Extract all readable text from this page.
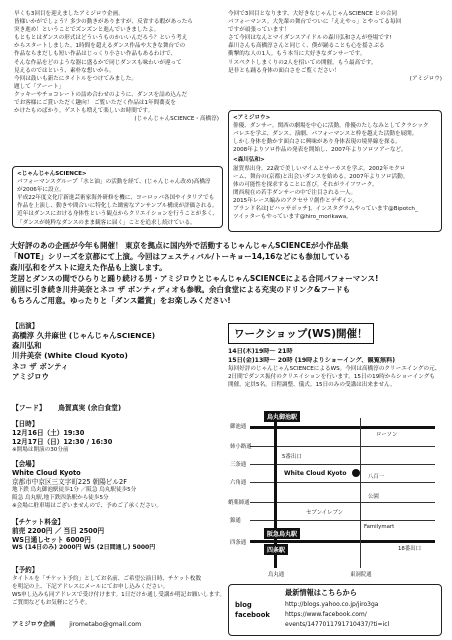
早くも3回目を迎えましたアミジロウ企画。

皆様いかがでしょう？多少の動きがありますが、反省する暇があったら

突き進め！ということでズンズンと進んでいきましたよ。

もともとはダンスの形式はどういうものかいいんだろう？という考え

からスタートしました。1時間を超えるダンス作品や大きな舞台での

作品ならまだしも短い作品はじっくり小さい作品もあるわけで、

そんな作品をどのような器に盛るかで同じダンスも味わいが違って

見えるのではという、素朴な想いから。

今回は鼓いも新たにタイトルをつけてみました。

題して「アーート」

クッキーやチョコレートの詰め合わせのように、ダンスを詰め込んだ

でお客様にご賞いただく趣向！ ご覧いただく作品は1年間蕎麦を

かけたものばかり。ゲストも増えて楽しいお時間です。

(じゃんじゃんSCIENCE・高橋淳)

今回で3回目となります、大好きなじゃんじゃんSCIENCE との合同

パフォーマンス。大先輩の舞台でついに「ええやっ」とやってる毎回

ですが頑張っています！

さて今回はなんとマイダンスアイドルの森川弘和さんが登場です!

森川さんも高橋淳さんと同じく、僕が踊ることも心を揺さぶる

衝撃的な人の1人。もう本当に大好きなダンサーです。

リスペクトしまくりの2人を招いての開催。もう最高です。

是非とも踊る身体の面白さをご覧ください！

(アミジロウ)

<じゃんじゃんSCIENCE>

パフォーマンスグループ「水と油」の活動を経て、(じゃんじゃん改め)高橋淳

が2006年に設立。

平成22年度文化庁新進芸術家海外研修を機に、ヨーロッパ各国やイタリアでも

作品を上演し、動きや間合いに特化した緻密なアンサンブル構成が評価される。

近年はダンスにおける身体性という観点からクリエイションを行うことが多く、

「ダンスが純粋なダンスのまま観客に届く」ことを追求し続けている。

<アミジロウ>

俳優、ダンサー。関西の劇場を中心に活動。俳優のたしなみとしてクラシック

バレエを学ぶ、ダンス、演劇、パフォーマンスと枠を越えた活動を展開。

しかし身体を動かす面白さに興味があり身体表現の境界線を探る。

2008年よりソロ作品の発表を開始し、2007年よりソロツアーなど。

<森川弘和>

滋賀県出身。22歳で美しいマイムとサーカスを学ぶ。2002年モクロ

ーム、舞台の(京都)と出会いダンスを始める。2007年よりソロ活動。

体の可能性を探求することに喜び。それがライフワーク。

関西現在の若手ダンサーの中で注目される一人。

2015年レース編みのアクセサリ創作とデザイン。

ブランド名は[ビハッサポッチ]、インスタグラムやっています@Bipotch_

ツイッターもやっています@hiro_morikawa。

大好評のあの企画が今年も開催！ 東京を拠点に国内外で活動するじゃんじゃんSCIENCEが小作品集

「NOTE」シリーズを京都にて上演。今回はフェスティバル/トーキョー14,16などにも参加している

森川弘和をゲストに迎えた作品も上演します。

芝居とダンスの間でひらりと踊り続ける男・アミジロウとじゃんじゃんSCIENCEによる合同パフォーマンス!

前回に引き続き川井美奈とネコ ザ ボンティディオも参戦。余白食堂による充実のドリンク&フードも

もちろんご用意。ゆったりと「ダンス鑑賞」をお楽しみください!

【出演】

高橋淳 久井麻世 (じゃんじゃんSCIENCE)

森川弘和

川井美奈 (White Cloud Kyoto)

ネコ ザ ボンティ

アミジロウ

【フード】 鳥賀真実 (余白食堂)

【日時】

12月16日（土）19:30

12月17日（日）12:30 / 16:30

※開場は開演の30分前

【会場】

White Cloud Kyoto

京都市中京区三文字町225 朝陽ビル2F

地下鉄 烏丸御池駅徒歩1分 ／阪急 烏丸駅徒歩5分

阪急 烏丸駅,地下鉄四条駅から徒歩5分

※会場に駐車場はございませんので、予めご了承ください。

【チケット料金】

前売 2200円 ／ 当日 2500円

WS日通しセット 6000円

WS (14日のみ) 2000円 WS (2日間通し) 5000円

【予約】

タイトルを「チケット予約」としてお名前、ご希望公演日時、チケット枚数

を明記の上、下記アドレスにメールにてお申し込みください。

WS申し込みも同アドレスで受け付けます。1日だけか通し受講か明記お願いします。

ご質問などもお気軽にどうぞ。

アミジロウ企画 jirometabo@gmail.com
ワークショップ(WS)開催！

14日(木)19時〜 21時

15日(金)13時〜 20時 (19時よりショーイング、観覧無料)

毎回好評のじゃんじゃんSCIENCEによるWS。今回は高橋淳のクリーエイングの元、

2日間でダンス振付のクリエイションを行います。15日の19時からショーイングも

開催。定員5名。日程調整、儀式。15日のみの受講は出来ません。

御池通
姉小路通
三条通
六角通
蛸薬師通
錦通
四条通
烏丸御池駅
ローソン
5番出口
White Cloud Kyoto	八百一
公園
セブンイレブン
Familymart
18番出口
阪急烏丸駅
四条駅
烏丸通	東洞院通
最新情報はこちらから
blog	http://blogs.yahoo.co.jp/jiro3ga
facebook	https://www.facebook.com/
events/1477011791710437/?ti=icl
